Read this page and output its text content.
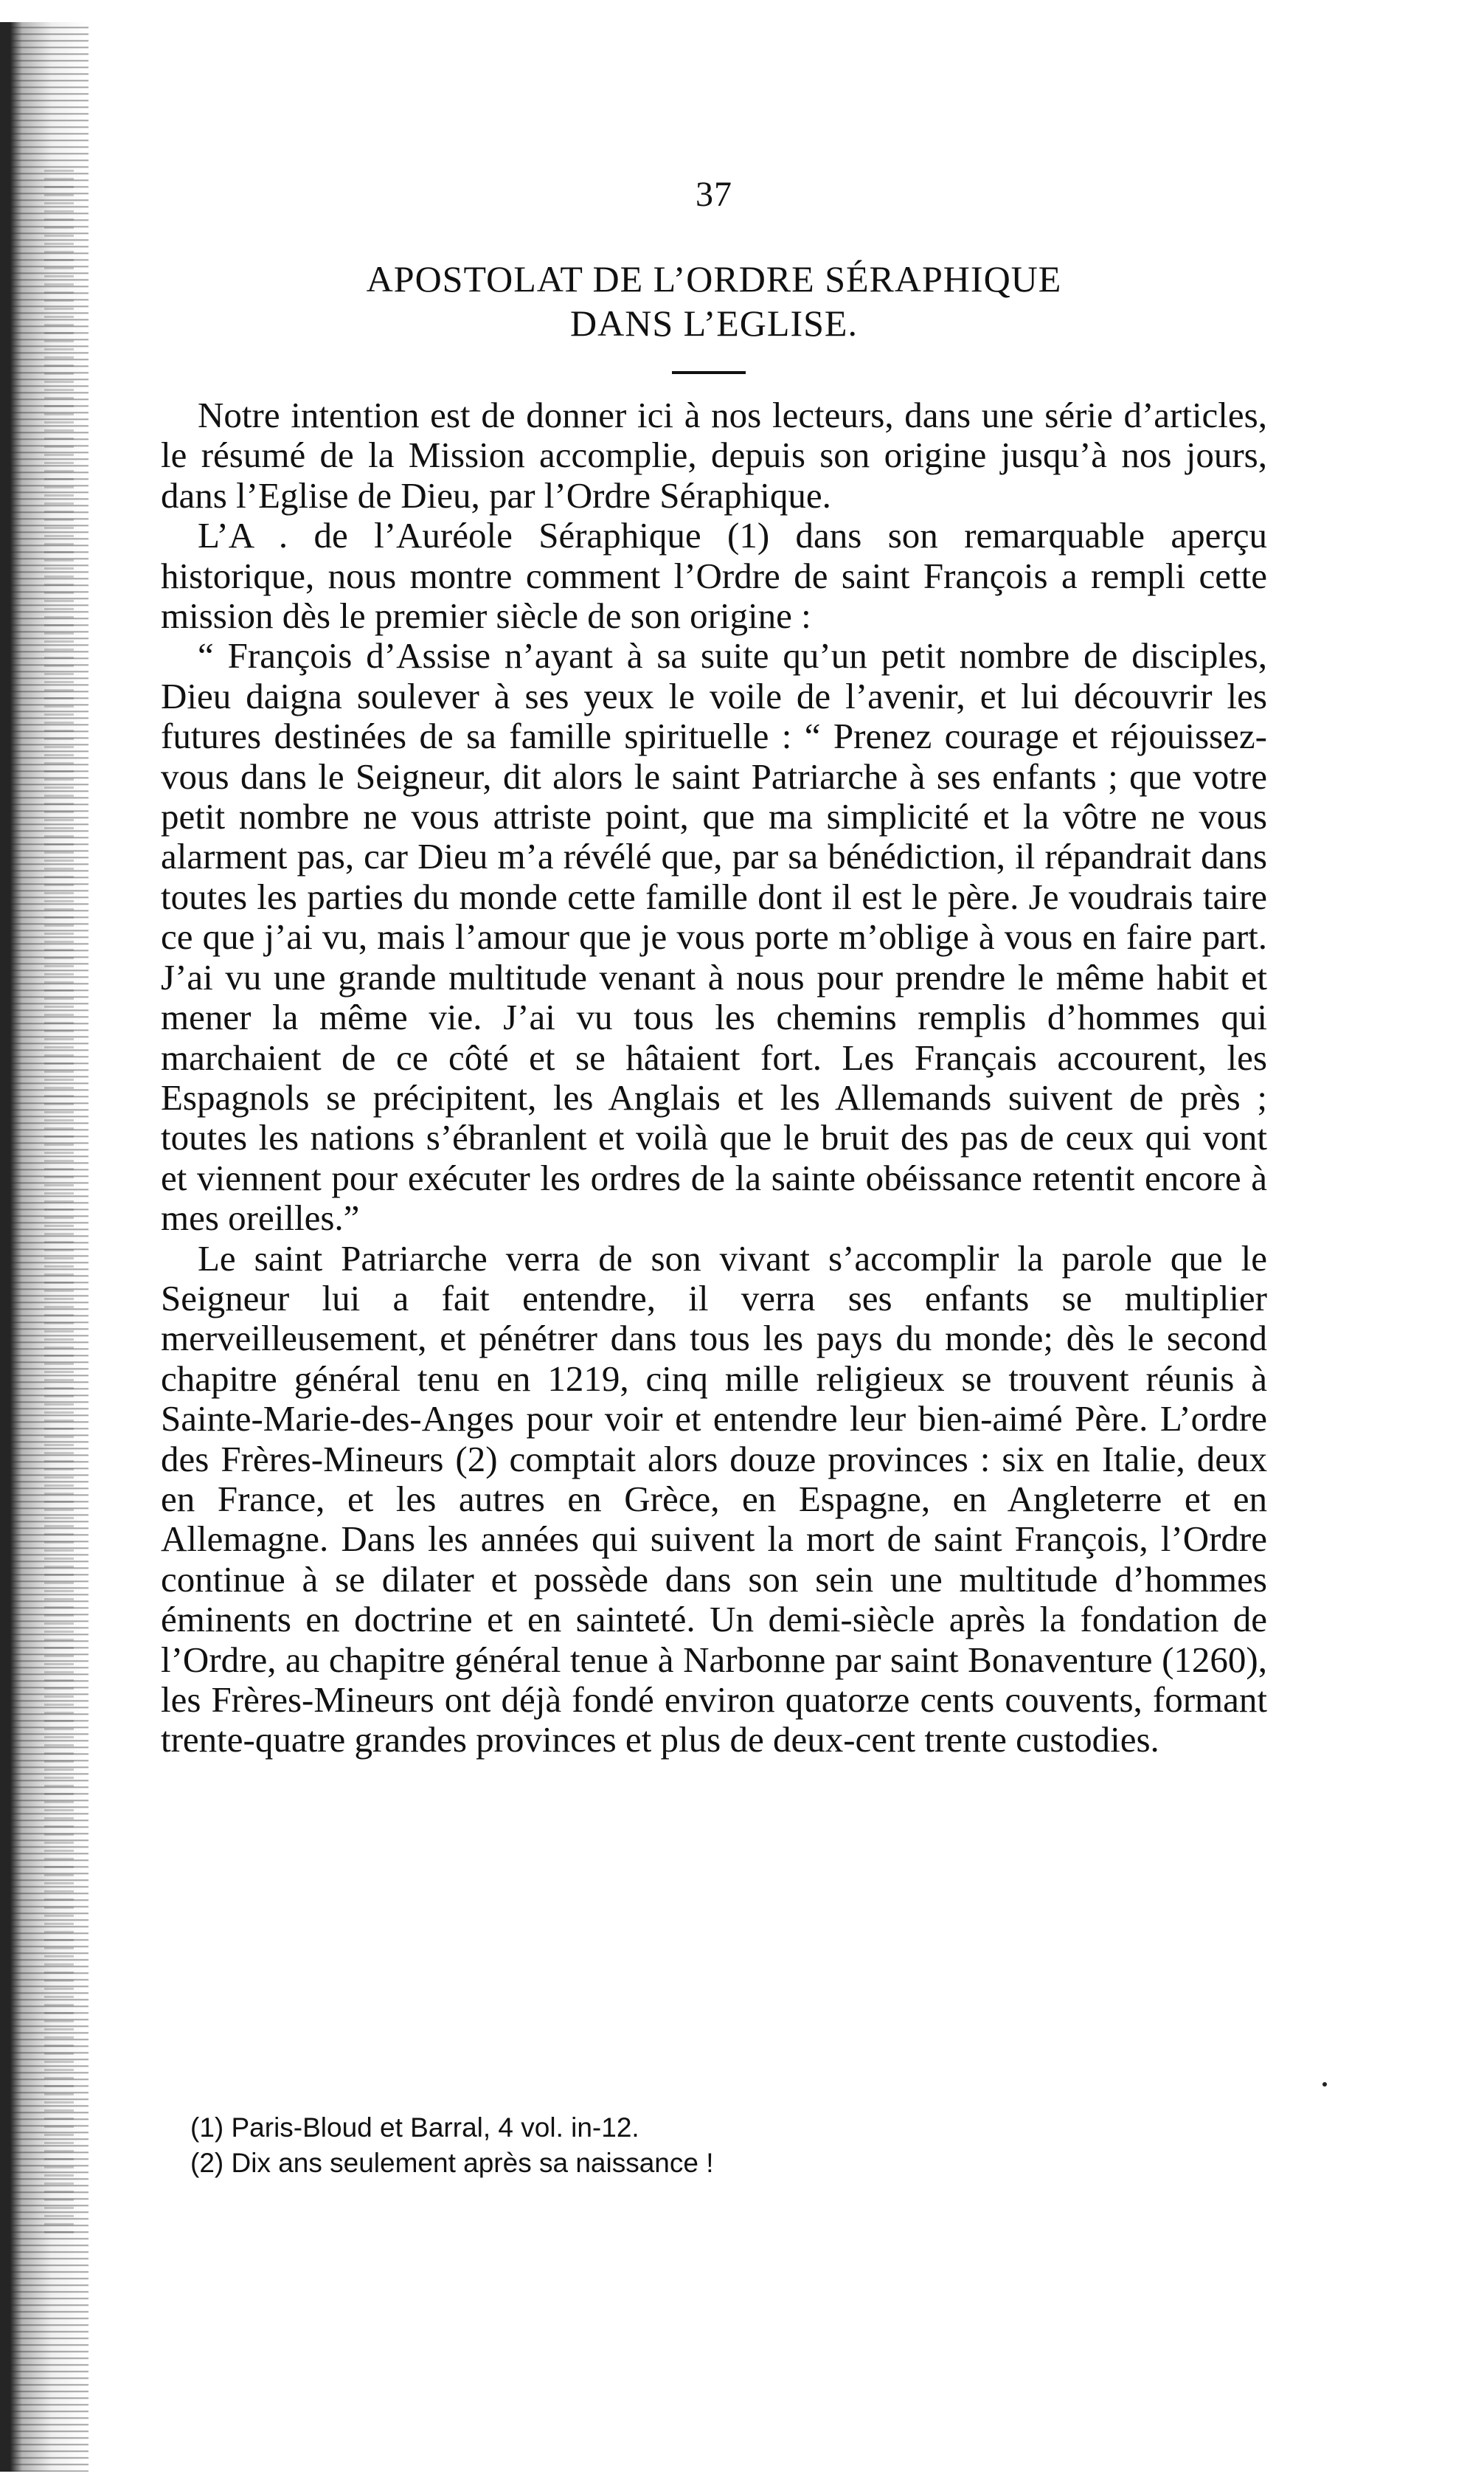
37
APOSTOLAT DE L’ORDRE SÉRAPHIQUE
DANS L’EGLISE.

Notre intention est de donner ici à nos lecteurs, dans une série d’articles, le résumé de la Mission accomplie, depuis son origine jusqu’à nos jours, dans l’Eglise de Dieu, par l’Ordre Séraphique.

L’A . de l’Auréole Séraphique (1) dans son remarquable aperçu historique, nous montre comment l’Ordre de saint François a rempli cette mission dès le premier siècle de son origine :

“ François d’Assise n’ayant à sa suite qu’un petit nombre de disciples, Dieu daigna soulever à ses yeux le voile de l’avenir, et lui découvrir les futures destinées de sa famille spirituelle : “ Prenez courage et réjouissez-vous dans le Seigneur, dit alors le saint Patriarche à ses enfants ; que votre petit nombre ne vous attriste point, que ma simplicité et la vôtre ne vous alarment pas, car Dieu m’a révélé que, par sa bénédiction, il répandrait dans toutes les parties du monde cette famille dont il est le père. Je voudrais taire ce que j’ai vu, mais l’amour que je vous porte m’oblige à vous en faire part. J’ai vu une grande multitude venant à nous pour prendre le même habit et mener la même vie. J’ai vu tous les chemins remplis d’hommes qui marchaient de ce côté et se hâtaient fort. Les Français accourent, les Espagnols se précipitent, les Anglais et les Allemands suivent de près ; toutes les nations s’ébranlent et voilà que le bruit des pas de ceux qui vont et viennent pour exécuter les ordres de la sainte obéissance retentit encore à mes oreilles.”

Le saint Patriarche verra de son vivant s’accomplir la parole que le Seigneur lui a fait entendre, il verra ses enfants se multiplier merveilleusement, et pénétrer dans tous les pays du monde; dès le second chapitre général tenu en 1219, cinq mille religieux se trouvent réunis à Sainte-Marie-des-Anges pour voir et entendre leur bien-aimé Père. L’ordre des Frères-Mineurs (2) comptait alors douze provinces : six en Italie, deux en France, et les autres en Grèce, en Espagne, en Angleterre et en Allemagne. Dans les années qui suivent la mort de saint François, l’Ordre continue à se dilater et possède dans son sein une multitude d’hommes éminents en doctrine et en sainteté. Un demi-siècle après la fondation de l’Ordre, au chapitre général tenue à Narbonne par saint Bonaventure (1260), les Frères-Mineurs ont déjà fondé environ quatorze cents couvents, formant trente-quatre grandes provinces et plus de deux-cent trente custodies.

(1) Paris-Bloud et Barral, 4 vol. in-12.

(2) Dix ans seulement après sa naissance !
